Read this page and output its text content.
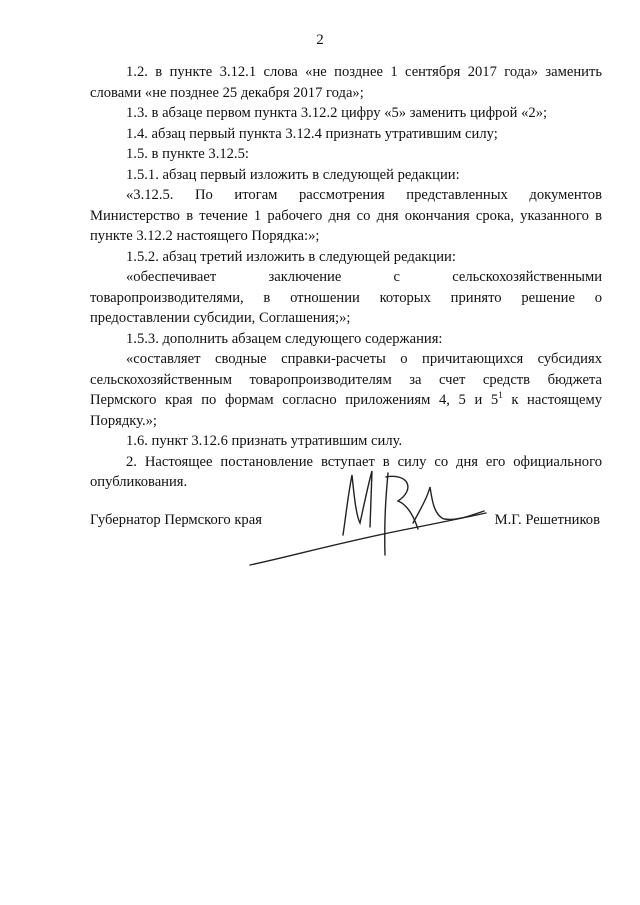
2

1.2. в пункте 3.12.1 слова «не позднее 1 сентября 2017 года» заменить словами «не позднее 25 декабря 2017 года»;

1.3. в абзаце первом пункта 3.12.2 цифру «5» заменить цифрой «2»;

1.4. абзац первый пункта 3.12.4 признать утратившим силу;

1.5. в пункте 3.12.5:

1.5.1. абзац первый изложить в следующей редакции:

«3.12.5. По итогам рассмотрения представленных документов Министерство в течение 1 рабочего дня со дня окончания срока, указанного в пункте 3.12.2 настоящего Порядка:»;

1.5.2. абзац третий изложить в следующей редакции:

«обеспечивает заключение с сельскохозяйственными товаропроизводителями, в отношении которых принято решение о предоставлении субсидии, Соглашения;»;

1.5.3. дополнить абзацем следующего содержания:

«составляет сводные справки-расчеты о причитающихся субсидиях сельскохозяйственным товаропроизводителям за счет средств бюджета Пермского края по формам согласно приложениям 4, 5 и $5^1$ к настоящему Порядку.»;

1.6. пункт 3.12.6 признать утратившим силу.

2. Настоящее постановление вступает в силу со дня его официального опубликования.

Губернатор Пермского края	М.Г. Решетников
